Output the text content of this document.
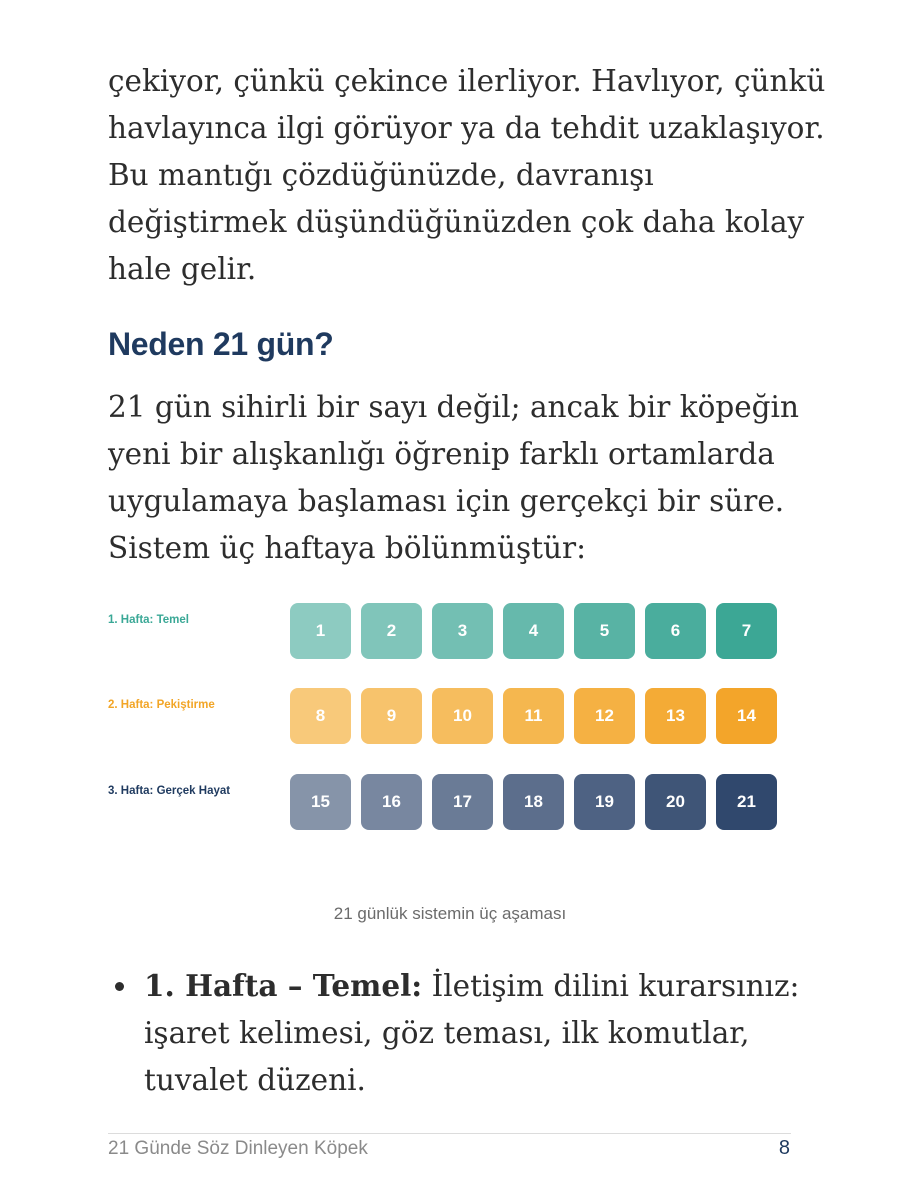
çekiyor, çünkü çekince ilerliyor. Havlıyor, çünkü
havlayınca ilgi görüyor ya da tehdit uzaklaşıyor.
Bu mantığı çözdüğünüzde, davranışı
değiştirmek düşündüğünüzden çok daha kolay
hale gelir.
Neden 21 gün?
21 gün sihirli bir sayı değil; ancak bir köpeğin
yeni bir alışkanlığı öğrenip farklı ortamlarda
uygulamaya başlaması için gerçekçi bir süre.
Sistem üç haftaya bölünmüştür:
1. Hafta: Temel
1	2	3	4	5	6	7
2. Hafta: Pekiştirme
8	9	10	11	12	13	14
3. Hafta: Gerçek Hayat
15	16	17	18	19	20	21
21 günlük sistemin üç aşaması
1. Hafta – Temel: İletişim dilini kurarsınız:
işaret kelimesi, göz teması, ilk komutlar,
tuvalet düzeni.
21 Günde Söz Dinleyen Köpek	8
